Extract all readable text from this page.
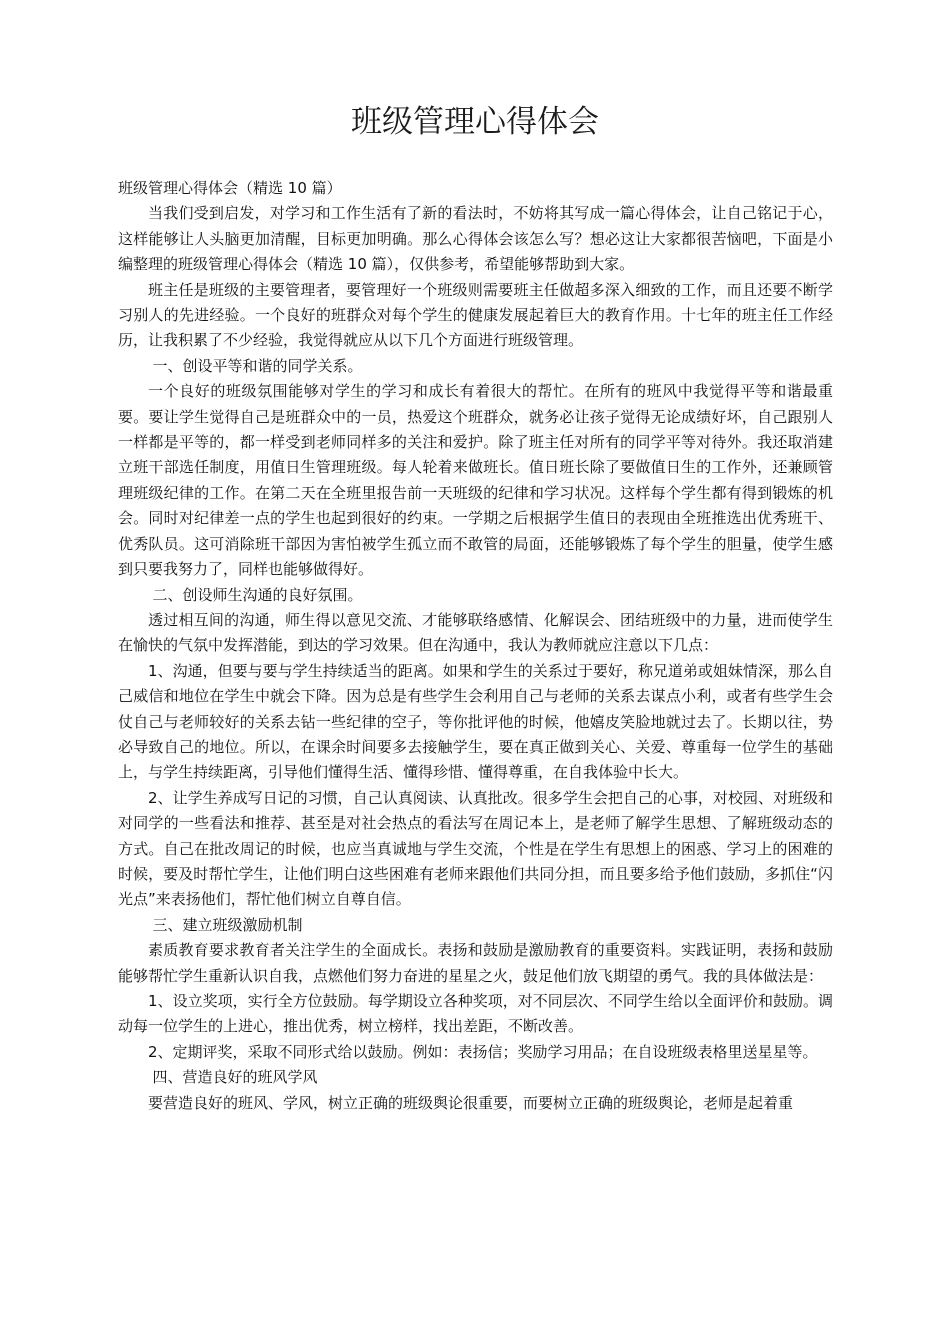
班级管理心得体会

班级管理心得体会（精选 10 篇）

当我们受到启发，对学习和工作生活有了新的看法时，不妨将其写成一篇心得体会，让自己铭记于心，这样能够让人头脑更加清醒，目标更加明确。那么心得体会该怎么写？想必这让大家都很苦恼吧，下面是小编整理的班级管理心得体会（精选 10 篇），仅供参考，希望能够帮助到大家。

班主任是班级的主要管理者，要管理好一个班级则需要班主任做超多深入细致的工作，而且还要不断学习别人的先进经验。一个良好的班群众对每个学生的健康发展起着巨大的教育作用。十七年的班主任工作经历，让我积累了不少经验，我觉得就应从以下几个方面进行班级管理。

一、创设平等和谐的同学关系。

一个良好的班级氛围能够对学生的学习和成长有着很大的帮忙。在所有的班风中我觉得平等和谐最重要。要让学生觉得自己是班群众中的一员，热爱这个班群众，就务必让孩子觉得无论成绩好坏，自己跟别人一样都是平等的，都一样受到老师同样多的关注和爱护。除了班主任对所有的同学平等对待外。我还取消建立班干部选任制度，用值日生管理班级。每人轮着来做班长。值日班长除了要做值日生的工作外，还兼顾管理班级纪律的工作。在第二天在全班里报告前一天班级的纪律和学习状况。这样每个学生都有得到锻炼的机会。同时对纪律差一点的学生也起到很好的约束。一学期之后根据学生值日的表现由全班推选出优秀班干、优秀队员。这可消除班干部因为害怕被学生孤立而不敢管的局面，还能够锻炼了每个学生的胆量，使学生感到只要我努力了，同样也能够做得好。

二、创设师生沟通的良好氛围。

透过相互间的沟通，师生得以意见交流、才能够联络感情、化解误会、团结班级中的力量，进而使学生在愉快的气氛中发挥潜能，到达的学习效果。但在沟通中，我认为教师就应注意以下几点：

1、沟通，但要与要与学生持续适当的距离。如果和学生的关系过于要好，称兄道弟或姐妹情深，那么自己威信和地位在学生中就会下降。因为总是有些学生会利用自己与老师的关系去谋点小利，或者有些学生会仗自己与老师较好的关系去钻一些纪律的空子，等你批评他的时候，他嬉皮笑脸地就过去了。长期以往，势必导致自己的地位。所以，在课余时间要多去接触学生，要在真正做到关心、关爱、尊重每一位学生的基础上，与学生持续距离，引导他们懂得生活、懂得珍惜、懂得尊重，在自我体验中长大。

2、让学生养成写日记的习惯，自己认真阅读、认真批改。很多学生会把自己的心事，对校园、对班级和对同学的一些看法和推荐、甚至是对社会热点的看法写在周记本上，是老师了解学生思想、了解班级动态的方式。自己在批改周记的时候，也应当真诚地与学生交流，个性是在学生有思想上的困惑、学习上的困难的时候，要及时帮忙学生，让他们明白这些困难有老师来跟他们共同分担，而且要多给予他们鼓励，多抓住“闪光点”来表扬他们，帮忙他们树立自尊自信。

三、建立班级激励机制

素质教育要求教育者关注学生的全面成长。表扬和鼓励是激励教育的重要资料。实践证明，表扬和鼓励能够帮忙学生重新认识自我，点燃他们努力奋进的星星之火，鼓足他们放飞期望的勇气。我的具体做法是：

1、设立奖项，实行全方位鼓励。每学期设立各种奖项，对不同层次、不同学生给以全面评价和鼓励。调动每一位学生的上进心，推出优秀，树立榜样，找出差距，不断改善。

2、定期评奖，采取不同形式给以鼓励。例如：表扬信；奖励学习用品；在自设班级表格里送星星等。

四、营造良好的班风学风

要营造良好的班风、学风，树立正确的班级舆论很重要，而要树立正确的班级舆论，老师是起着重
